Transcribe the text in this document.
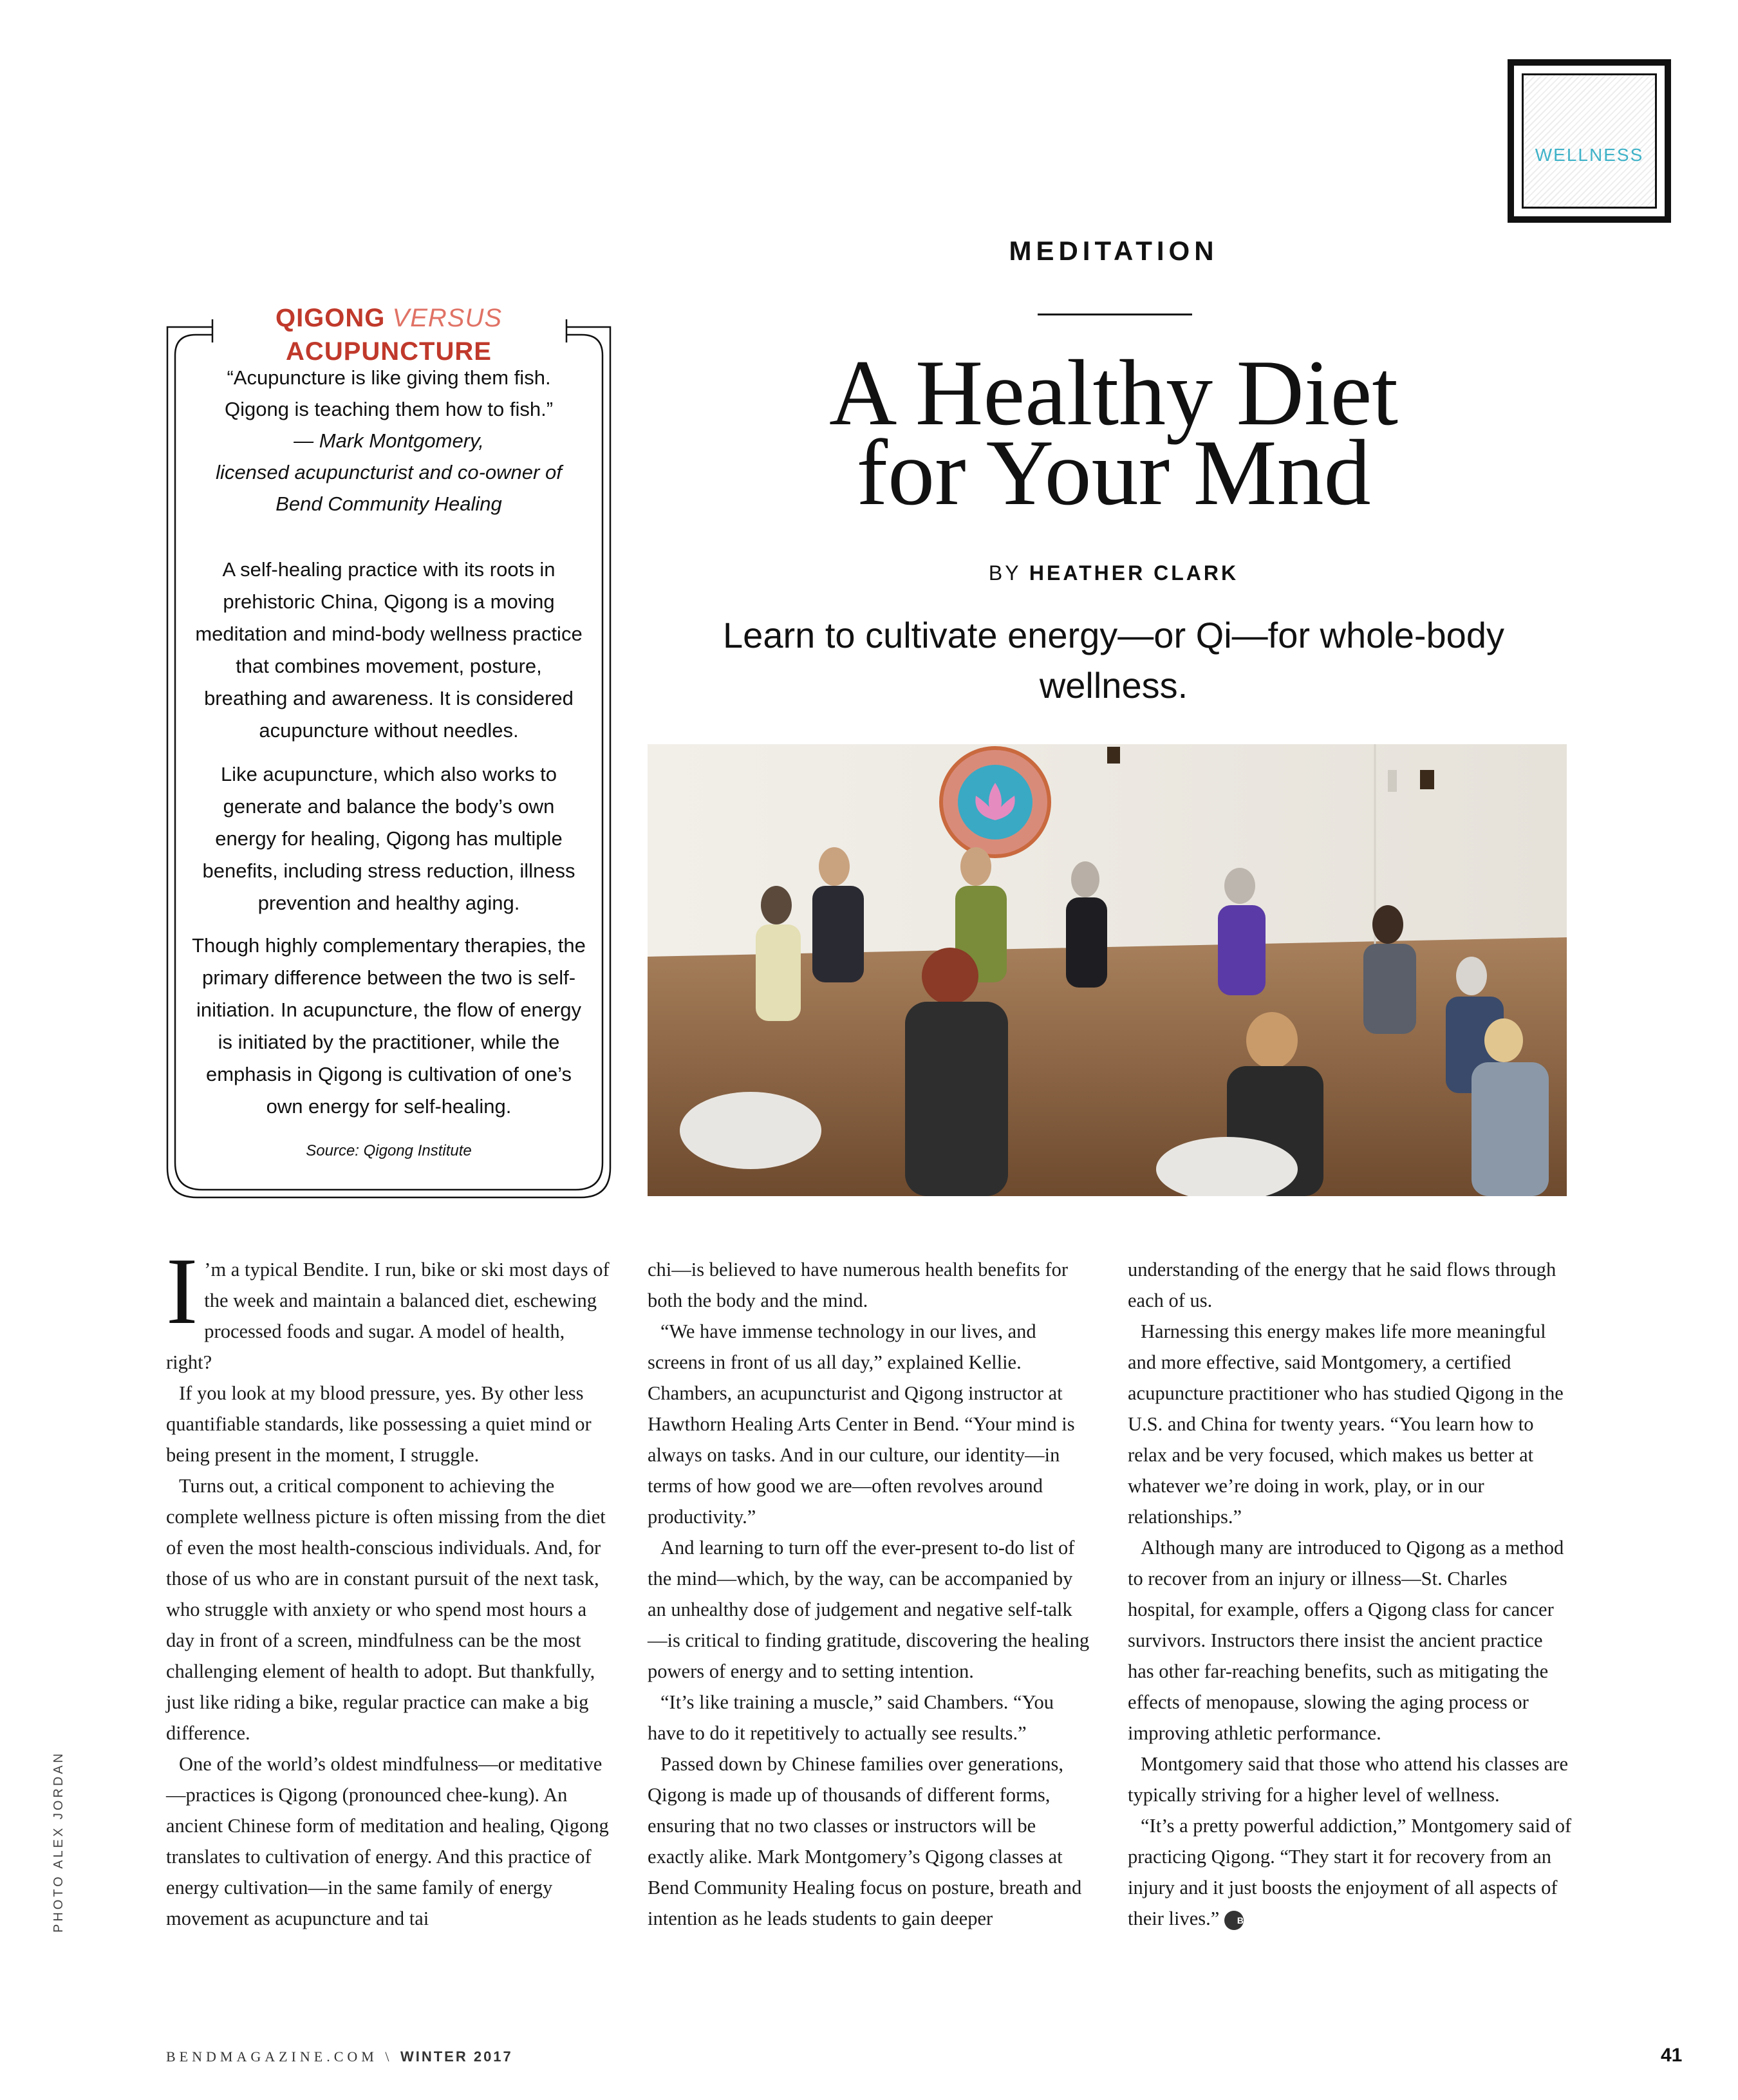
WELLNESS
MEDITATION
A Healthy Diet
for Your Mnd
BY HEATHER CLARK
Learn to cultivate energy—or Qi—for whole-body wellness.
QIGONG VERSUS
ACUPUNCTURE
“Acupuncture is like giving them fish.
Qigong is teaching them how to fish.”
— Mark Montgomery,
licensed acupuncturist and co-owner of
Bend Community Healing

A self-healing practice with its roots in prehistoric China, Qigong is a moving meditation and mind-body wellness practice that combines movement, posture, breathing and awareness. It is considered acupuncture without needles.

Like acupuncture, which also works to generate and balance the body’s own energy for healing, Qigong has multiple benefits, including stress reduction, illness prevention and healthy aging.

Though highly complementary therapies, the primary difference between the two is self-initiation. In acupuncture, the flow of energy is initiated by the practitioner, while the emphasis in Qigong is cultivation of one’s own energy for self-healing.

Source: Qigong Institute

I ’m a typical Bendite. I run, bike or ski most days of the week and maintain a balanced diet, eschewing processed foods and sugar. A model of health, right?

If you look at my blood pressure, yes. By other less quantifiable standards, like possessing a quiet mind or being present in the moment, I struggle.

Turns out, a critical component to achieving the complete wellness picture is often missing from the diet of even the most health-conscious individuals. And, for those of us who are in constant pursuit of the next task, who struggle with anxiety or who spend most hours a day in front of a screen, mindfulness can be the most challenging element of health to adopt. But thankfully, just like riding a bike, regular practice can make a big difference.

One of the world’s oldest mindfulness—or meditative—practices is Qigong (pronounced chee-kung). An ancient Chinese form of meditation and healing, Qigong translates to cultivation of energy. And this practice of energy cultivation—in the same family of energy movement as acupuncture and tai

chi—is believed to have numerous health benefits for both the body and the mind.

“We have immense technology in our lives, and screens in front of us all day,” explained Kellie. Chambers, an acupuncturist and Qigong instructor at Hawthorn Healing Arts Center in Bend. “Your mind is always on tasks. And in our culture, our identity—in terms of how good we are—often revolves around productivity.”

And learning to turn off the ever-present to-do list of the mind—which, by the way, can be accompanied by an unhealthy dose of judgement and negative self-talk—is critical to finding gratitude, discovering the healing powers of energy and to setting intention.

“It’s like training a muscle,” said Chambers. “You have to do it repetitively to actually see results.”

Passed down by Chinese families over generations, Qigong is made up of thousands of different forms, ensuring that no two classes or instructors will be exactly alike. Mark Montgomery’s Qigong classes at Bend Community Healing focus on posture, breath and intention as he leads students to gain deeper

understanding of the energy that he said flows through each of us.

Harnessing this energy makes life more meaningful and more effective, said Montgomery, a certified acupuncture practitioner who has studied Qigong in the U.S. and China for twenty years. “You learn how to relax and be very focused, which makes us better at whatever we’re doing in work, play, or in our relationships.”

Although many are introduced to Qigong as a method to recover from an injury or illness—St. Charles hospital, for example, offers a Qigong class for cancer survivors. Instructors there insist the ancient practice has other far-reaching benefits, such as mitigating the effects of menopause, slowing the aging process or improving athletic performance.

Montgomery said that those who attend his classes are typically striving for a higher level of wellness.

“It’s a pretty powerful addiction,” Montgomery said of practicing Qigong. “They start it for recovery from an injury and it just boosts the enjoyment of all aspects of their lives.” B

PHOTO ALEX JORDAN
BENDMAGAZINE.COM \ WINTER 2017	41
